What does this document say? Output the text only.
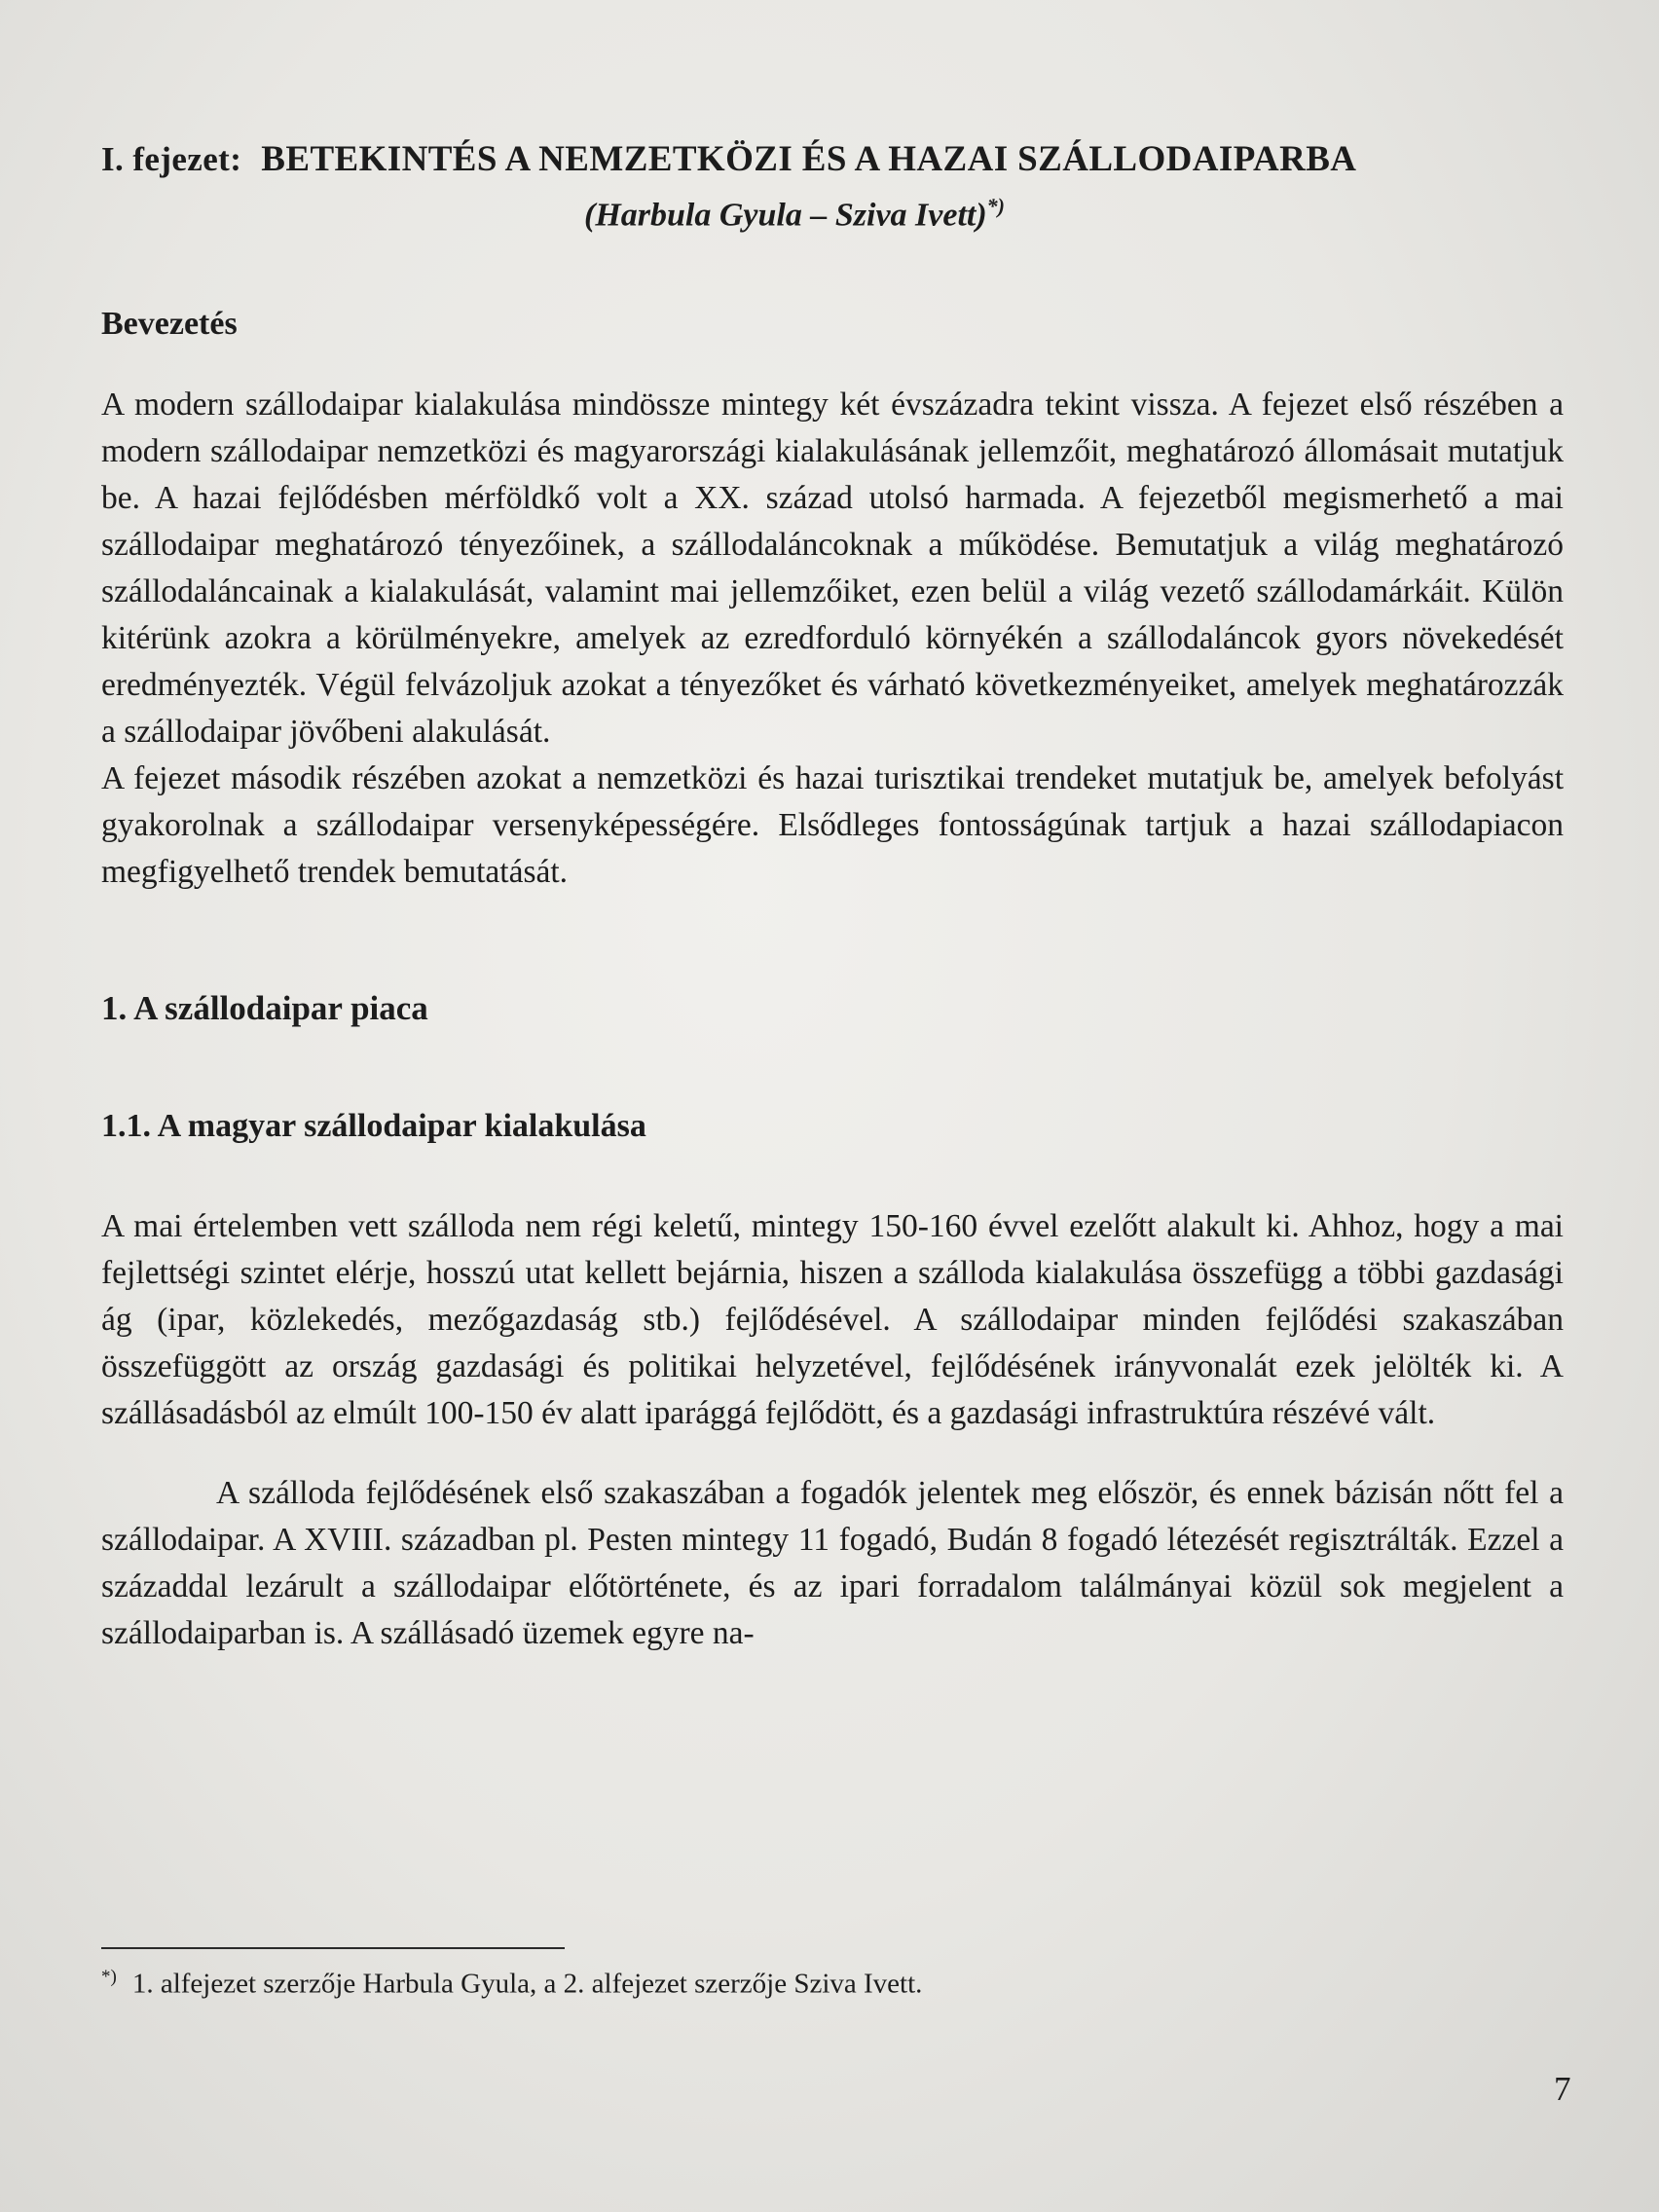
I. fejezet: BETEKINTÉS A NEMZETKÖZI ÉS A HAZAI SZÁLLODAIPARBA
(Harbula Gyula – Sziva Ivett)*)
Bevezetés

A modern szállodaipar kialakulása mindössze mintegy két évszázadra tekint vissza. A fejezet első részében a modern szállodaipar nemzetközi és magyarországi kialakulásának jellemzőit, meghatározó állomásait mutatjuk be. A hazai fejlődésben mérföldkő volt a XX. század utolsó harmada. A fejezetből megismerhető a mai szállodaipar meghatározó tényezőinek, a szállodaláncoknak a működése. Bemutatjuk a világ meghatározó szállodaláncainak a kialakulását, valamint mai jellemzőiket, ezen belül a világ vezető szállodamárkáit. Külön kitérünk azokra a körülményekre, amelyek az ezredforduló környékén a szállodaláncok gyors növekedését eredményezték. Végül felvázoljuk azokat a tényezőket és várható következményeiket, amelyek meghatározzák a szállodaipar jövőbeni alakulását.

A fejezet második részében azokat a nemzetközi és hazai turisztikai trendeket mutatjuk be, amelyek befolyást gyakorolnak a szállodaipar versenyképességére. Elsődleges fontosságúnak tartjuk a hazai szállodapiacon megfigyelhető trendek bemutatását.

1. A szállodaipar piaca
1.1. A magyar szállodaipar kialakulása

A mai értelemben vett szálloda nem régi keletű, mintegy 150-160 évvel ezelőtt alakult ki. Ahhoz, hogy a mai fejlettségi szintet elérje, hosszú utat kellett bejárnia, hiszen a szálloda kialakulása összefügg a többi gazdasági ág (ipar, közlekedés, mezőgazdaság stb.) fejlődésével. A szállodaipar minden fejlődési szakaszában összefüggött az ország gazdasági és politikai helyzetével, fejlődésének irányvonalát ezek jelölték ki. A szállásadásból az elmúlt 100-150 év alatt iparággá fejlődött, és a gazdasági infrastruktúra részévé vált.

A szálloda fejlődésének első szakaszában a fogadók jelentek meg először, és ennek bázisán nőtt fel a szállodaipar. A XVIII. században pl. Pesten mintegy 11 fogadó, Budán 8 fogadó létezését regisztrálták. Ezzel a századdal lezárult a szállodaipar előtörténete, és az ipari forradalom találmányai közül sok megjelent a szállodaiparban is. A szállásadó üzemek egyre na-

*) 1. alfejezet szerzője Harbula Gyula, a 2. alfejezet szerzője Sziva Ivett.
7
